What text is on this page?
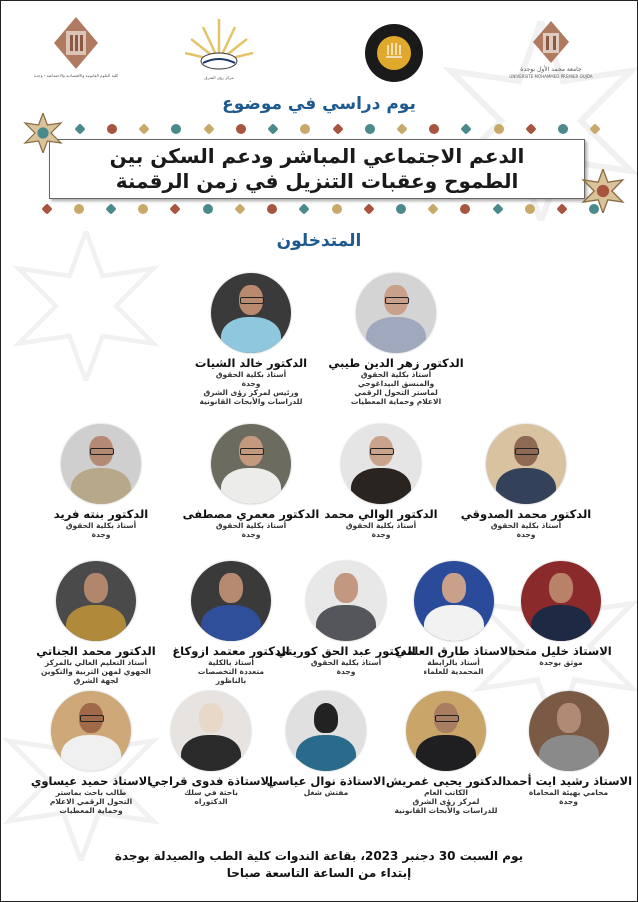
كلية العلوم القانونية والاقتصادية والاجتماعية - وجدة	مركز رؤى الشرق
جامعة محمد الأول بوجدة
UNIVERSITE MOHAMMED PREMIER OUJDA
يوم دراسي في موضوع
الدعم الاجتماعي المباشر ودعم السكن بين
الطموح وعقبات التنزيل في زمن الرقمنة
المتدخلون
الدكتور زهر الدين طيبي
أستاذ بكلية الحقوق
والمنسق البيداغوجي
لماستر التحول الرقمي
الاعلام وحماية المعطيات
الدكتور خالد الشيات
أستاذ بكلية الحقوق
وجدة
ورئيس لمركز رؤى الشرق
للدراسات والأبحاث القانونية
الدكتور محمد الصدوقي
أستاذ بكلية الحقوق
وجدة
الدكتور الوالي محمد
أستاذ بكلية الحقوق
وجدة
الدكتور معمري مصطفى
أستاذ بكلية الحقوق
وجدة
الدكتور بنته فريد
أستاذ بكلية الحقوق
وجدة
الاستاذ خليل متحد
موثق بوجدة
الاستاذ طارق العلمي
أستاذ بالرابطة
المحمدية للعلماء
الدكتور عبد الحق كوريتي
أستاذ بكلية الحقوق
وجدة
الدكتور معتمد ازوكاغ
أستاذ بالكلية
متعددة التخصصات
بالناظور
الدكتور محمد الجناتي
أستاذ التعليم العالي بالمركز
الجهوي لمهن التربية والتكوين
لجهة الشرق
الاستاذ رشيد ايت أحمد
محامي بهيئة المحاماة
وجدة
الدكتور يحيى غمريش
الكاتب العام
لمركز رؤى الشرق
للدراسات والأبحاث القانونية
الاستاذة نوال عياسي
مفتش شغل
الاستاذة فدوى قراجي
باحثة في سلك
الدكتوراه
الاستاذ حميد عيساوي
طالب باحث بماستر
التحول الرقمي الاعلام
وحماية المعطيات
يوم السبت 30 دجنبر 2023، بقاعة الندوات كلية الطب والصيدلة بوجدة
إبتداء من الساعة التاسعة صباحا
